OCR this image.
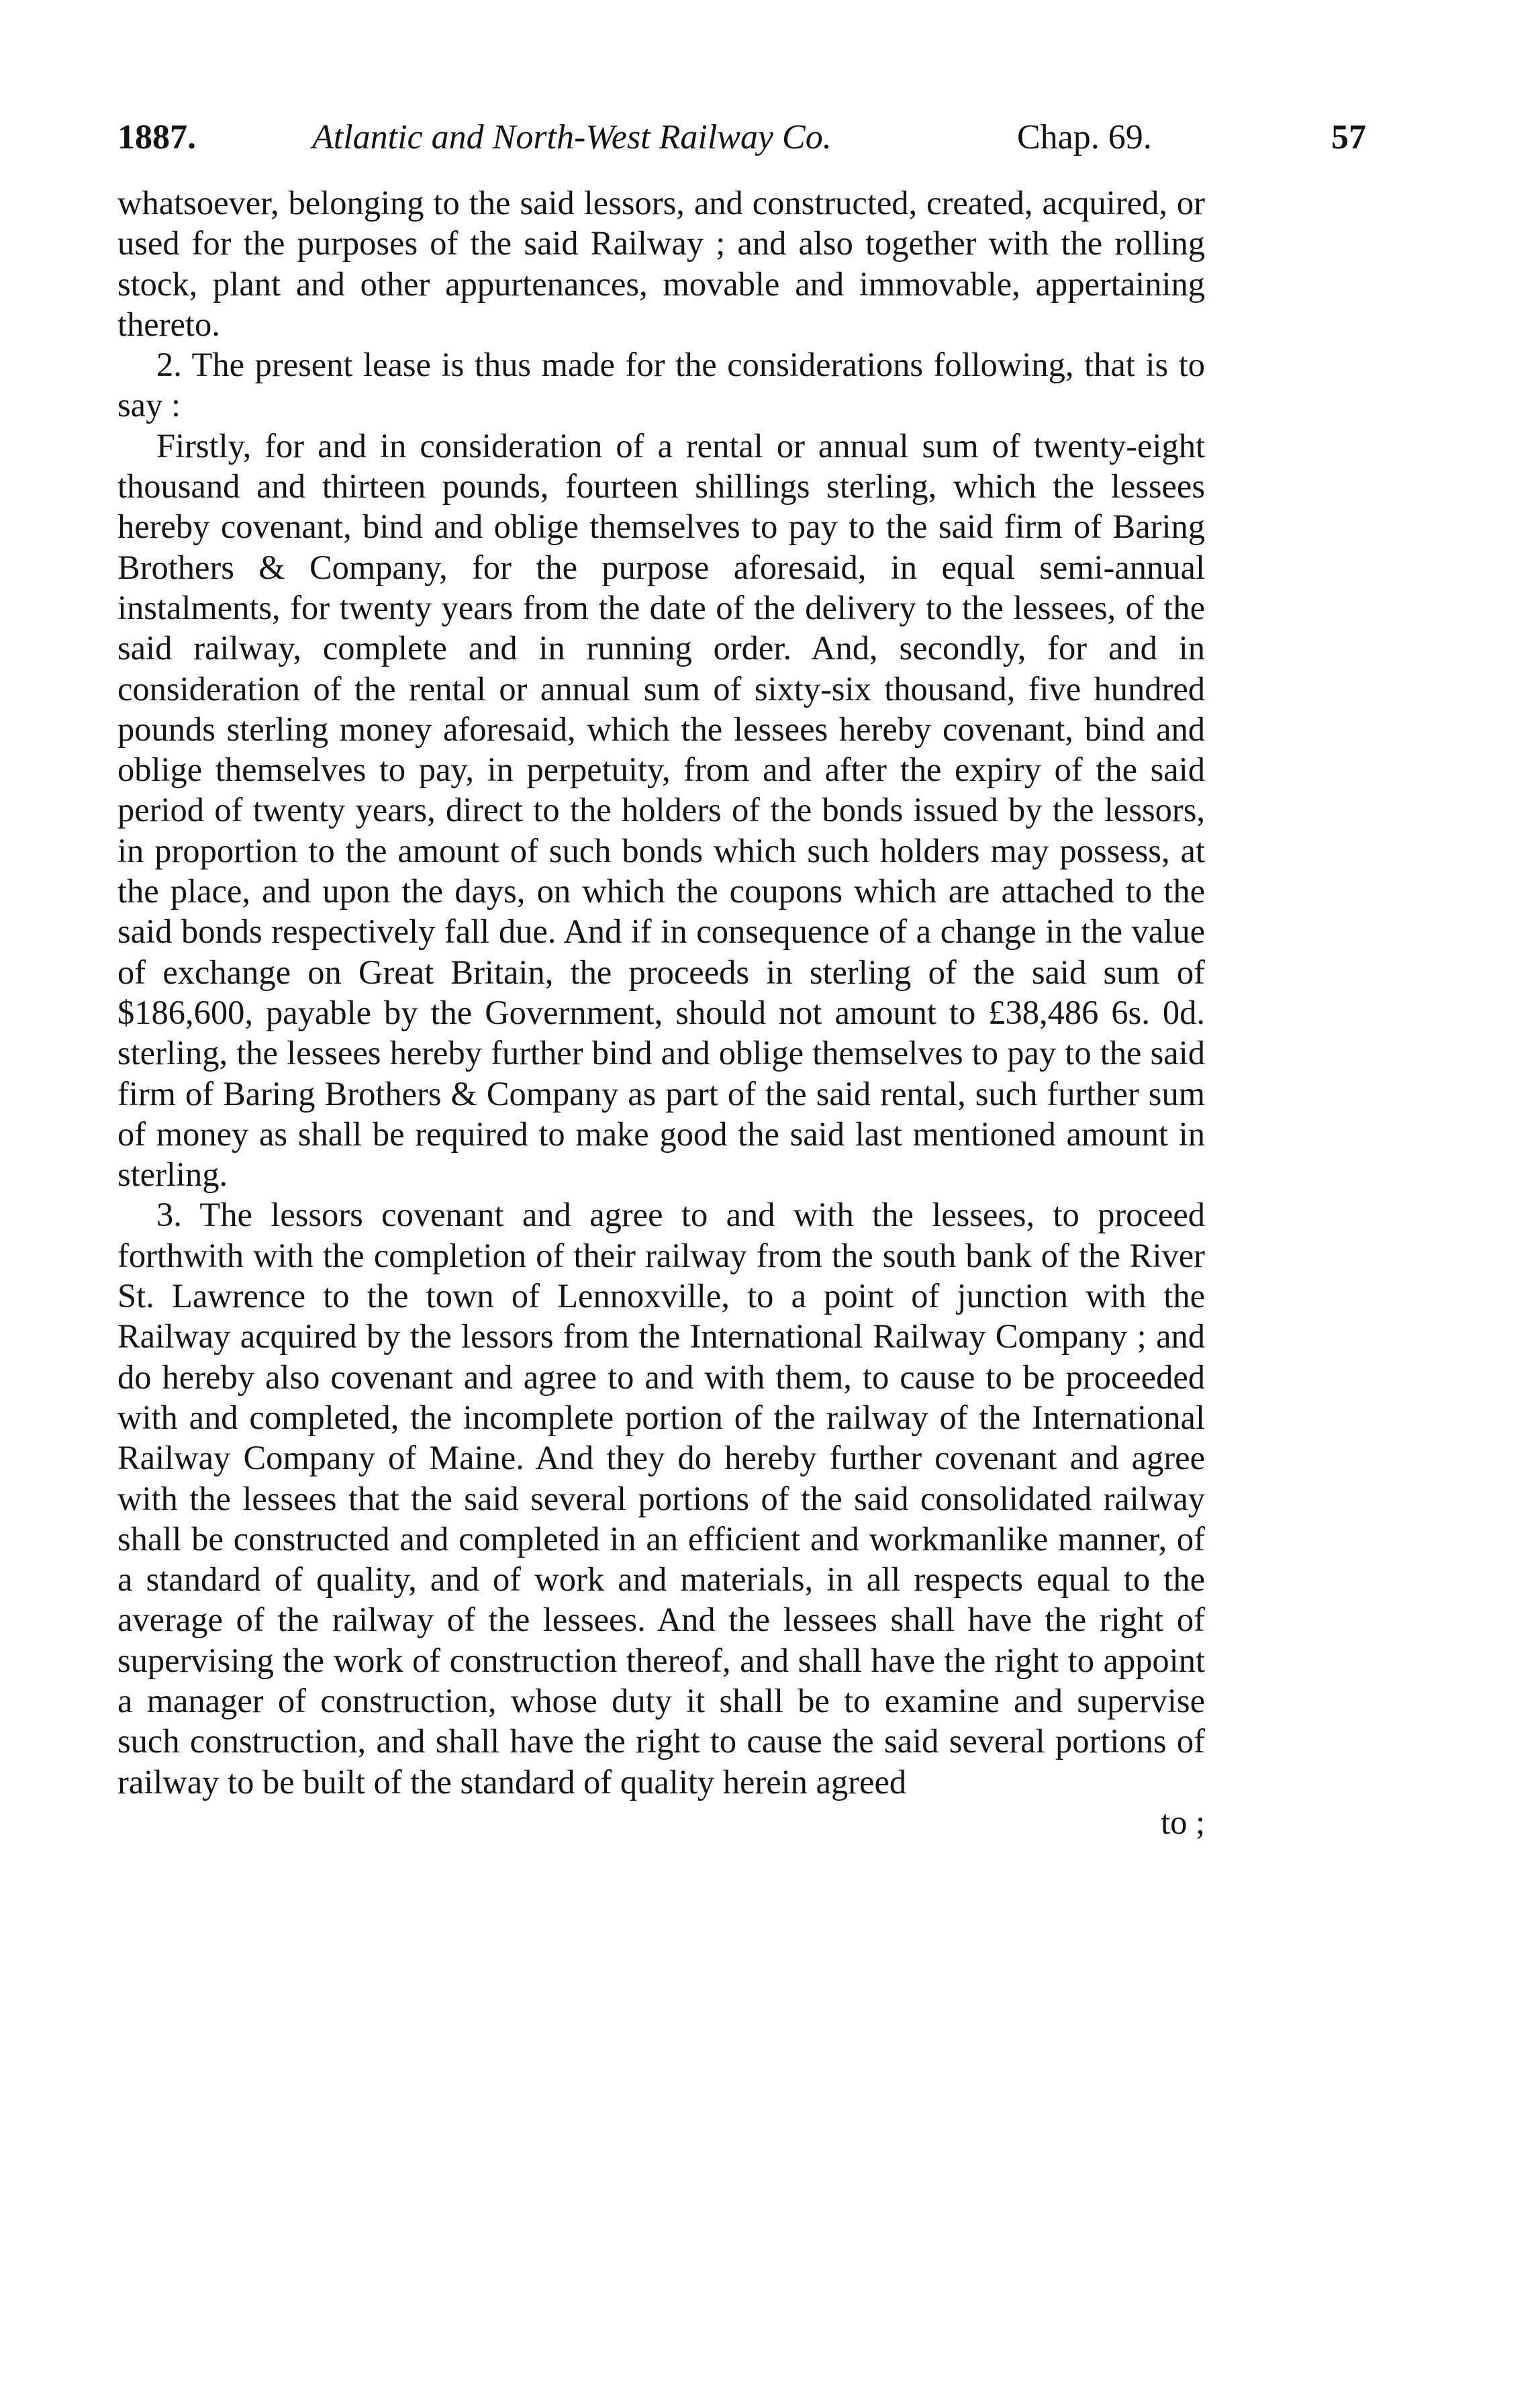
1887.	Atlantic and North-West Railway Co.	Chap. 69.	57

whatsoever, belonging to the said lessors, and constructed, created, acquired, or used for the purposes of the said Railway ; and also together with the rolling stock, plant and other appurtenances, movable and immovable, appertaining thereto.

2. The present lease is thus made for the considerations following, that is to say :

Firstly, for and in consideration of a rental or annual sum of twenty-eight thousand and thirteen pounds, fourteen shillings sterling, which the lessees hereby covenant, bind and oblige themselves to pay to the said firm of Baring Brothers & Company, for the purpose aforesaid, in equal semi-annual instalments, for twenty years from the date of the delivery to the lessees, of the said railway, complete and in running order. And, secondly, for and in consideration of the rental or annual sum of sixty-six thousand, five hundred pounds sterling money aforesaid, which the lessees hereby covenant, bind and oblige themselves to pay, in perpetuity, from and after the expiry of the said period of twenty years, direct to the holders of the bonds issued by the lessors, in proportion to the amount of such bonds which such holders may possess, at the place, and upon the days, on which the coupons which are attached to the said bonds respectively fall due. And if in consequence of a change in the value of exchange on Great Britain, the proceeds in sterling of the said sum of $186,600, payable by the Government, should not amount to £38,486 6s. 0d. sterling, the lessees hereby further bind and oblige themselves to pay to the said firm of Baring Brothers & Company as part of the said rental, such further sum of money as shall be required to make good the said last mentioned amount in sterling.

3. The lessors covenant and agree to and with the lessees, to proceed forthwith with the completion of their railway from the south bank of the River St. Lawrence to the town of Lennoxville, to a point of junction with the Railway acquired by the lessors from the International Railway Company ; and do hereby also covenant and agree to and with them, to cause to be proceeded with and completed, the incomplete portion of the railway of the International Railway Company of Maine. And they do hereby further covenant and agree with the lessees that the said several portions of the said consolidated railway shall be constructed and completed in an efficient and workmanlike manner, of a standard of quality, and of work and materials, in all respects equal to the average of the railway of the lessees. And the lessees shall have the right of supervising the work of construction thereof, and shall have the right to appoint a manager of construction, whose duty it shall be to examine and supervise such construction, and shall have the right to cause the said several portions of railway to be built of the standard of quality herein agreed

to ;
